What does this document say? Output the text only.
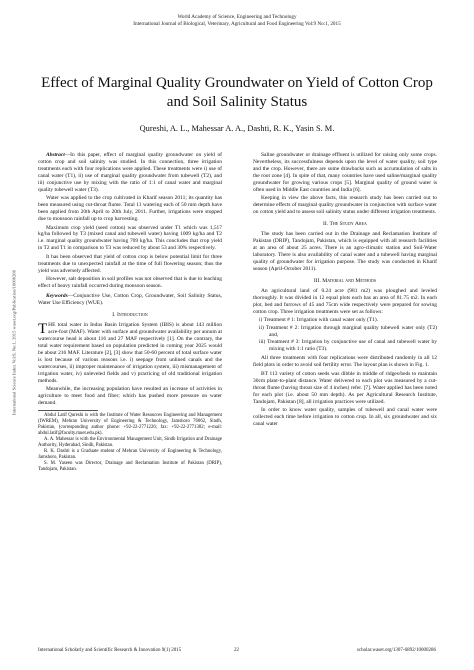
World Academy of Science, Engineering and Technology
International Journal of Biological, Veterinary, Agricultural and Food Engineering Vol:9 No:1, 2015
Effect of Marginal Quality Groundwater on Yield of Cotton Crop and Soil Salinity Status
Qureshi, A. L., Mahessar A. A., Dashti, R. K., Yasin S. M.
International Science Index Vol:9, No:1, 2015 waset.org/Publication/10000286

Abstract—In this paper, effect of marginal quality groundwater on yield of cotton crop and soil salinity was studied. In this connection, three irrigation treatments each with four replications were applied. These treatments were i) use of canal water (T1), ii) use of marginal quality groundwater from tubewell (T2), and iii) conjunctive use by mixing with the ratio of 1:1 of canal water and marginal quality tubewell water (T3).

Water was applied to the crop cultivated in Kharif season 2011; its quantity has been measured using cut-throat flume. Total 11 watering each of 50 mm depth have been applied from 20th April to 20th July, 2011. Further, irrigations were stopped due to monsoon rainfall up to crop harvesting.

Maximum crop yield (seed cotton) was observed under T1 which was 1,517 kg/ha followed by T3 (mixed canal and tubewell water) having 1009 kg/ha and T2 i.e. marginal quality groundwater having 709 kg/ha. This concludes that crop yield in T2 and T1 in comparison to T3 was reduced by about 53 and 30% respectively.

It has been observed that yield of cotton crop is below potential limit for three treatments due to unexpected rainfall at the time of full flowering season; thus the yield was adversely affected.

However, salt deposition in soil profiles was not observed that is due to leaching effect of heavy rainfall occurred during monsoon season.

Keywords—Conjunctive Use, Cotton Crop, Groundwater, Soil Salinity Status, Water Use Efficiency (WUE).

I. Introduction

THE total water in Indus Basin Irrigation System (IBIS) is about 143 million acre-foot (MAF). Water with surface and groundwater availability per annum at watercourse head is about 116 and 27 MAF respectively [1]. On the contrary, the total water requirement based on population predicted in coming year 2025 would be about 216 MAF. Literature [2], [3] show that 50-60 percent of total surface water is lost because of various reasons i.e. i) seepage from unlined canals and the watercourses, ii) improper maintenance of irrigation system, iii) mismanagement of irrigation water, iv) unleveled fields and v) practicing of old traditional irrigation methods.

Meanwhile, the increasing population have resulted an increase of activities in agriculture to meet food and fiber; which has pushed more pressure on water demand.

Abdul Latif Qureshi is with the Institute of Water Resources Engineering and Management (IWREM), Mehran University of Engineering & Technology, Jamshoro 76062, Sindh, Pakistan, (corresponding author phone: +92-22-2771226; fax: +92-22-2771382; e-mail: abdul.latif@faculty.muet.edu.pk).

A. A. Mahessar is with the Environmental Management Unit, Sindh Irrigation and Drainage Authority, Hyderabad, Sindh, Pakistan.

R. K. Dashti is a Graduate student of Mehran University of Engineering & Technology, Jamshoro, Pakistan.

S. M. Yaseen was Director, Drainage and Reclamation Institute of Pakistan (DRIP), Tandojam, Pakistan.

Saline groundwater or drainage effluent is utilized for raising only some crops. Nevertheless, its successfulness depends upon the level of water quality, soil type and the crop. However, there are some drawbacks such as accumulation of salts in the root zone [4]. In spite of that, many countries have used saline/marginal quality groundwater for growing various crops [5]. Marginal quality of ground water is often used in Middle East countries and India [6].

Keeping in view the above facts, this research study has been carried out to determine effects of marginal quality groundwater in conjunction with surface water on cotton yield and to assess soil salinity status under different irrigation treatments.

II. The Study Area

The study has been carried out in the Drainage and Reclamation Institute of Pakistan (DRIP), Tandojam, Pakistan, which is equipped with all research facilities at an area of about 25 acres. There is an agro-climatic station and Soil-Water laboratory. There is also availability of canal water and a tubewell having marginal quality of groundwater for irrigation purpose. The study was conducted in Kharif season (April-October 2011).

III. Material and Methods

An agricultural land of 0.24 acre (981 m2) was ploughed and leveled thoroughly. It was divided in 12 equal plots each has an area of 81.75 m2. In each plot, bed and furrows of 45 and 75cm wide respectively were prepared for sowing cotton crop. Three irrigation treatments were set as follows:

i) Treatment # 1: Irrigation with canal water only (T1).
ii) Treatment # 2: Irrigation through marginal quality tubewell water only (T2) and,
iii) Treatment # 3: Irrigation by conjunctive use of canal and tubewell water by mixing with 1:1 ratio (T3).

All three treatments with four replications were distributed randomly in all 12 field plots in order to avoid soil fertility error. The layout plan is shown in Fig. 1.

BT 113 variety of cotton seeds was dibble in middle of ridges/beds to maintain 30cm plant-to-plant distance. Water delivered to each plot was measured by a cut-throat flume (having throat size of 4 inches) refer. [7]. Water applied has been noted for each plot (i.e. about 50 mm depth). As per Agricultural Research Institute, Tandojam, Pakistan [8], all irrigation practices were utilized.

In order to know water quality, samples of tubewell and canal water were collected each time before irrigation to cotton crop. In all, six groundwater and six canal water

International Scholarly and Scientific Research & Innovation 9(1) 2015	22	scholar.waset.org/1307-6892/10000286
